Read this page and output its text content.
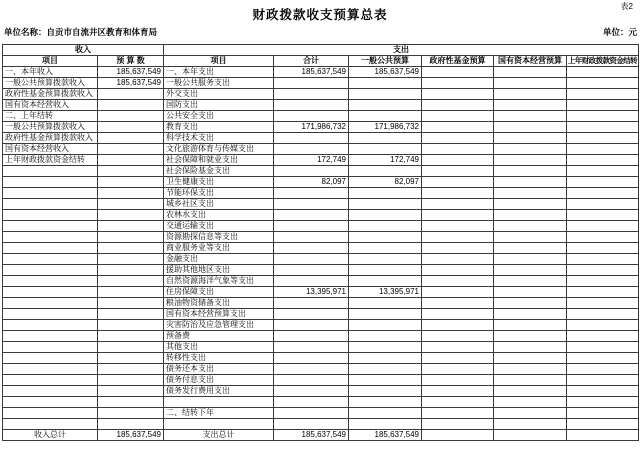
表2
财政拨款收支预算总表
单位名称：自贡市自流井区教育和体育局	单位：元
收入		支出					
项目	预 算 数	项目	合计	一般公共预算	政府性基金预算	国有资本经营预算	上年财政拨款资金结转
一、本年收入	185,637,549	一、本年支出	185,637,549	185,637,549			
一般公共预算拨款收入	185,637,549	一般公共服务支出					
政府性基金预算拨款收入		外交支出					
国有资本经营收入		国防支出					
二、上年结转		公共安全支出					
一般公共预算拨款收入		教育支出	171,986,732	171,986,732			
政府性基金预算拨款收入		科学技术支出					
国有资本经营收入		文化旅游体育与传媒支出					
上年财政拨款资金结转		社会保障和就业支出	172,749	172,749			
		社会保险基金支出					
		卫生健康支出	82,097	82,097			
		节能环保支出					
		城乡社区支出					
		农林水支出					
		交通运输支出					
		资源勘探信息等支出					
		商业服务业等支出					
		金融支出					
		援助其他地区支出					
		自然资源海洋气象等支出					
		住房保障支出	13,395,971	13,395,971			
		粮油物资储备支出					
		国有资本经营预算支出					
		灾害防治及应急管理支出					
		预备费					
		其他支出					
		转移性支出					
		债务还本支出					
		债务付息支出					
		债务发行费用支出					

		二、结转下年					

收入总计	185,637,549	支出总计	185,637,549	185,637,549			
